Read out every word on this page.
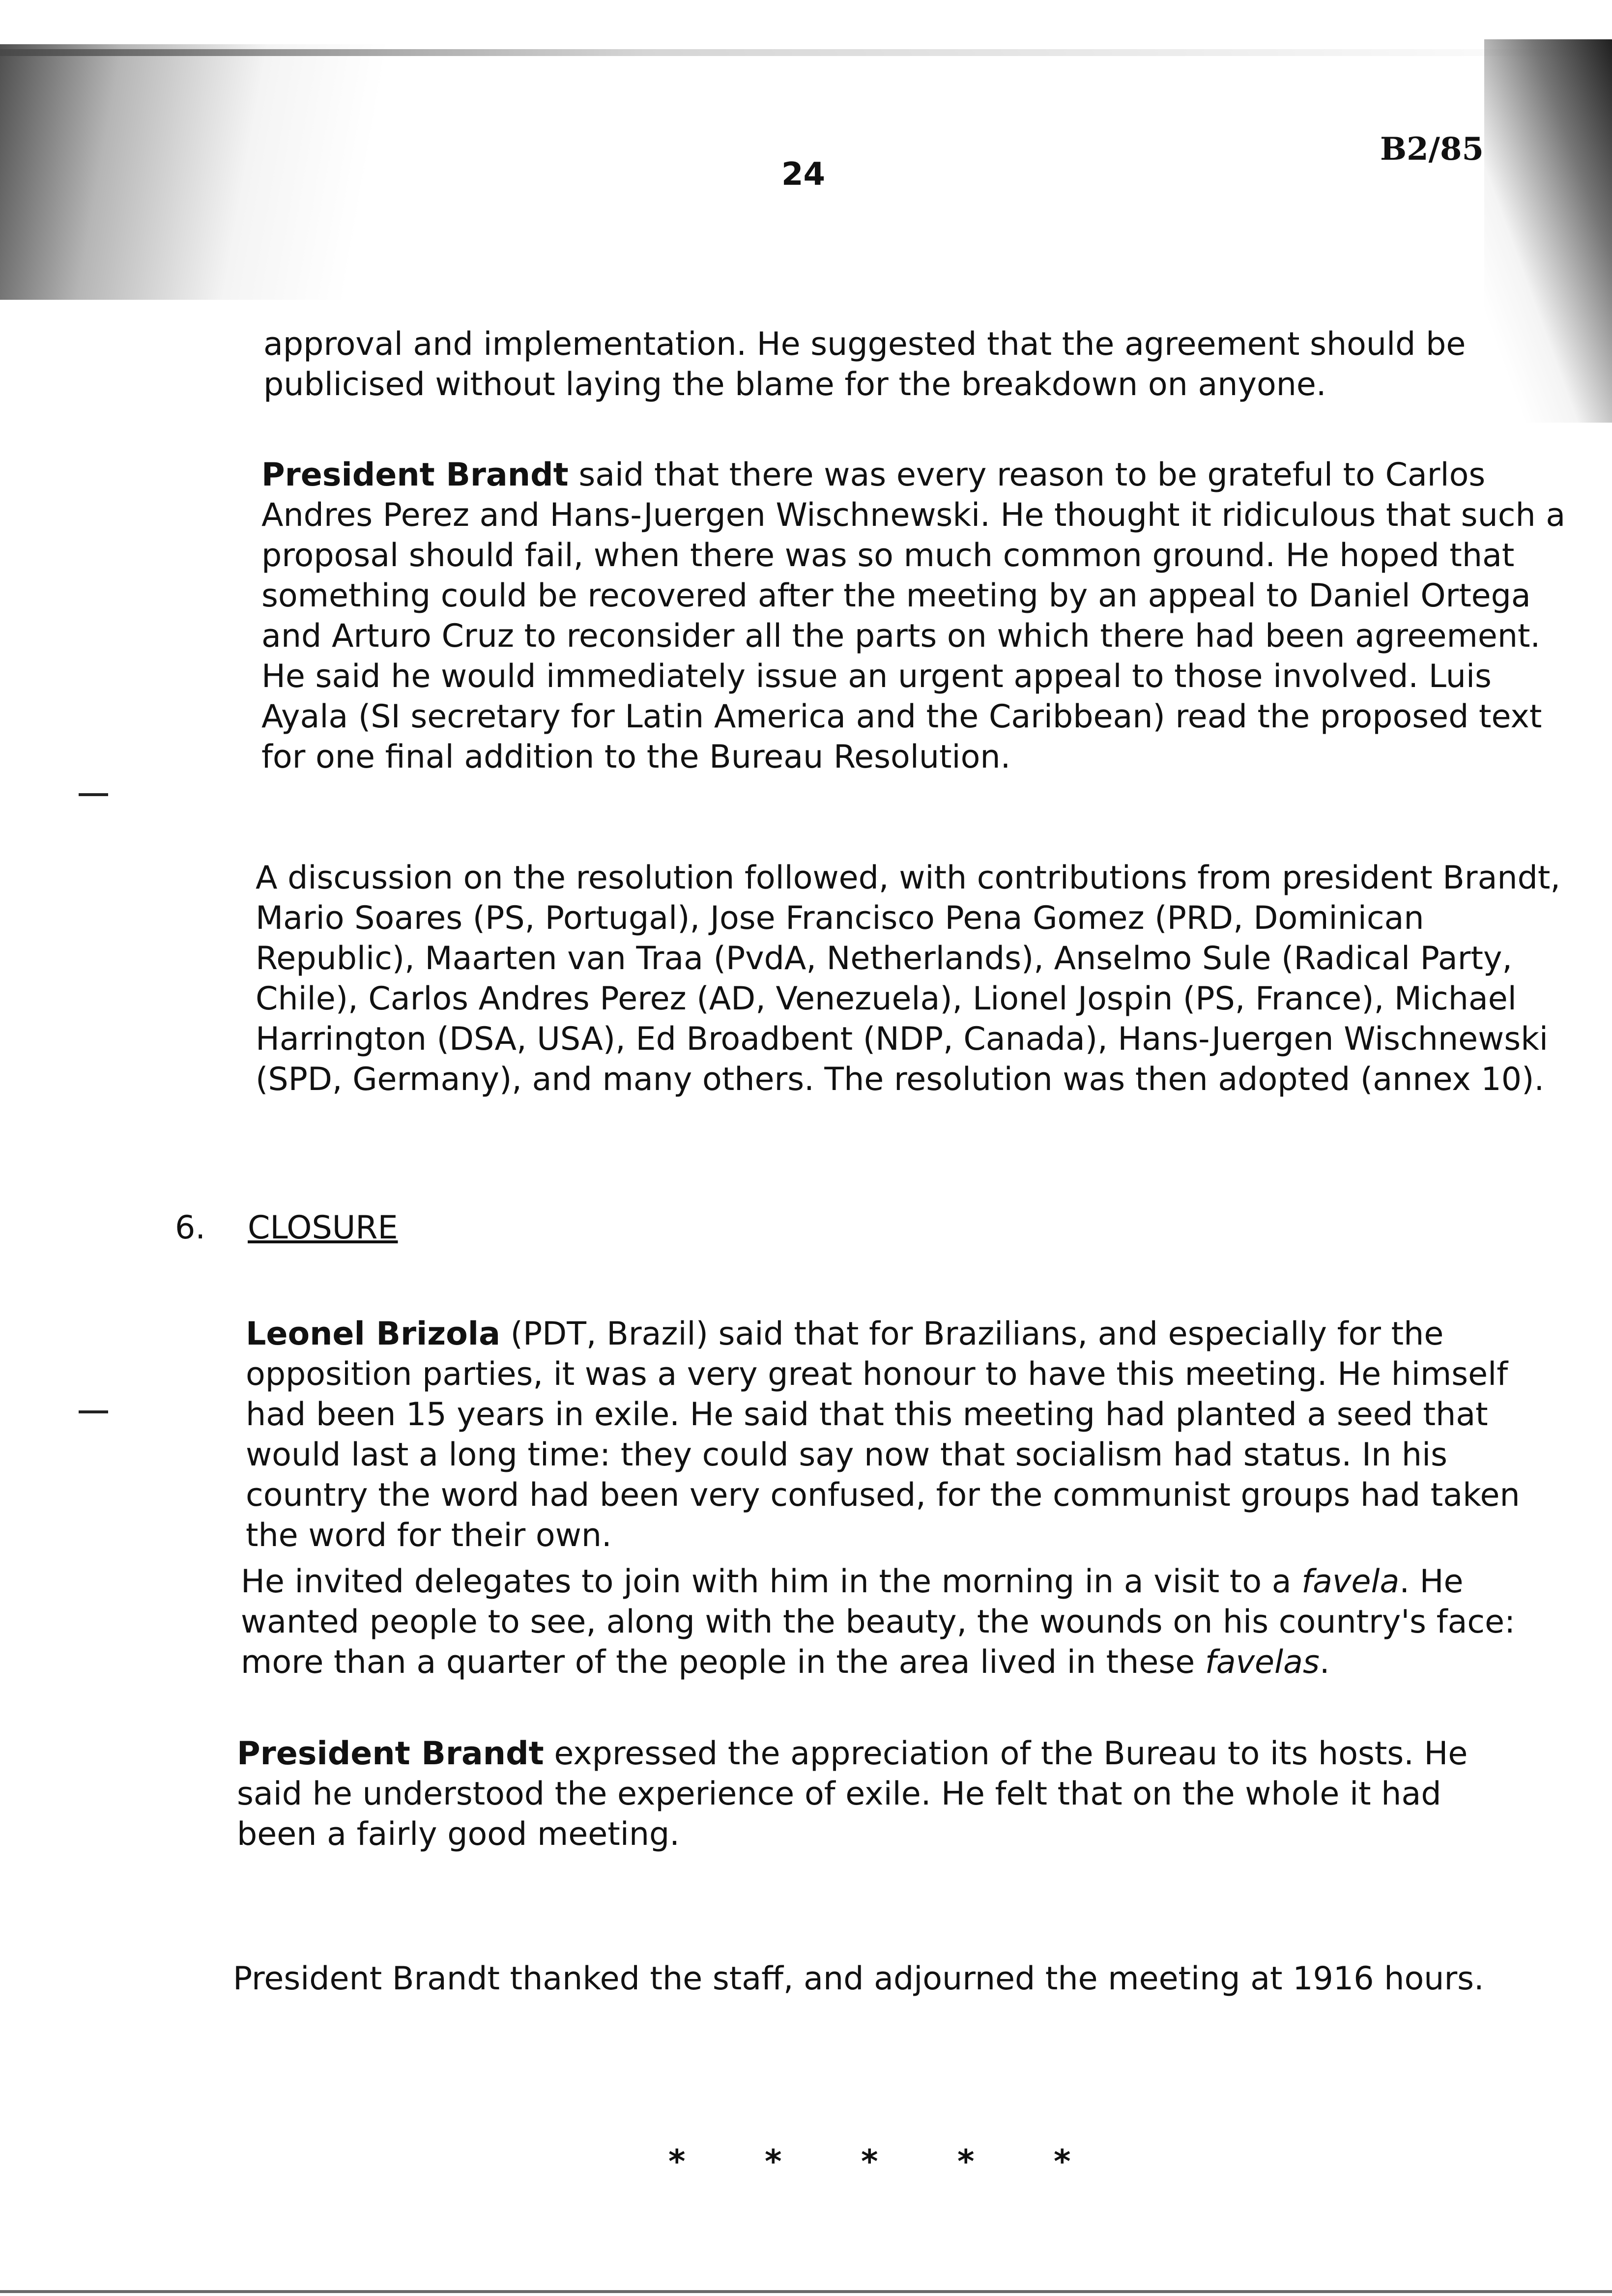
24
B2/85

approval and implementation. He suggested that the agreement should be publicised without laying the blame for the breakdown on anyone.

President Brandt said that there was every reason to be grateful to Carlos Andres Perez and Hans-Juergen Wischnewski. He thought it ridiculous that such a proposal should fail, when there was so much common ground. He hoped that something could be recovered after the meeting by an appeal to Daniel Ortega and Arturo Cruz to reconsider all the parts on which there had been agreement. He said he would immediately issue an urgent appeal to those involved. Luis Ayala (SI secretary for Latin America and the Caribbean) read the proposed text for one final addition to the Bureau Resolution.

A discussion on the resolution followed, with contributions from president Brandt, Mario Soares (PS, Portugal), Jose Francisco Pena Gomez (PRD, Dominican Republic), Maarten van Traa (PvdA, Netherlands), Anselmo Sule (Radical Party, Chile), Carlos Andres Perez (AD, Venezuela), Lionel Jospin (PS, France), Michael Harrington (DSA, USA), Ed Broadbent (NDP, Canada), Hans-Juergen Wischnewski (SPD, Germany), and many others. The resolution was then adopted (annex 10).

6. CLOSURE

Leonel Brizola (PDT, Brazil) said that for Brazilians, and especially for the opposition parties, it was a very great honour to have this meeting. He himself had been 15 years in exile. He said that this meeting had planted a seed that would last a long time: they could say now that socialism had status. In his country the word had been very confused, for the communist groups had taken the word for their own.

He invited delegates to join with him in the morning in a visit to a favela. He wanted people to see, along with the beauty, the wounds on his country's face: more than a quarter of the people in the area lived in these favelas.

President Brandt expressed the appreciation of the Bureau to its hosts. He said he understood the experience of exile. He felt that on the whole it had been a fairly good meeting.

President Brandt thanked the staff, and adjourned the meeting at 1916 hours.

* * * * *
